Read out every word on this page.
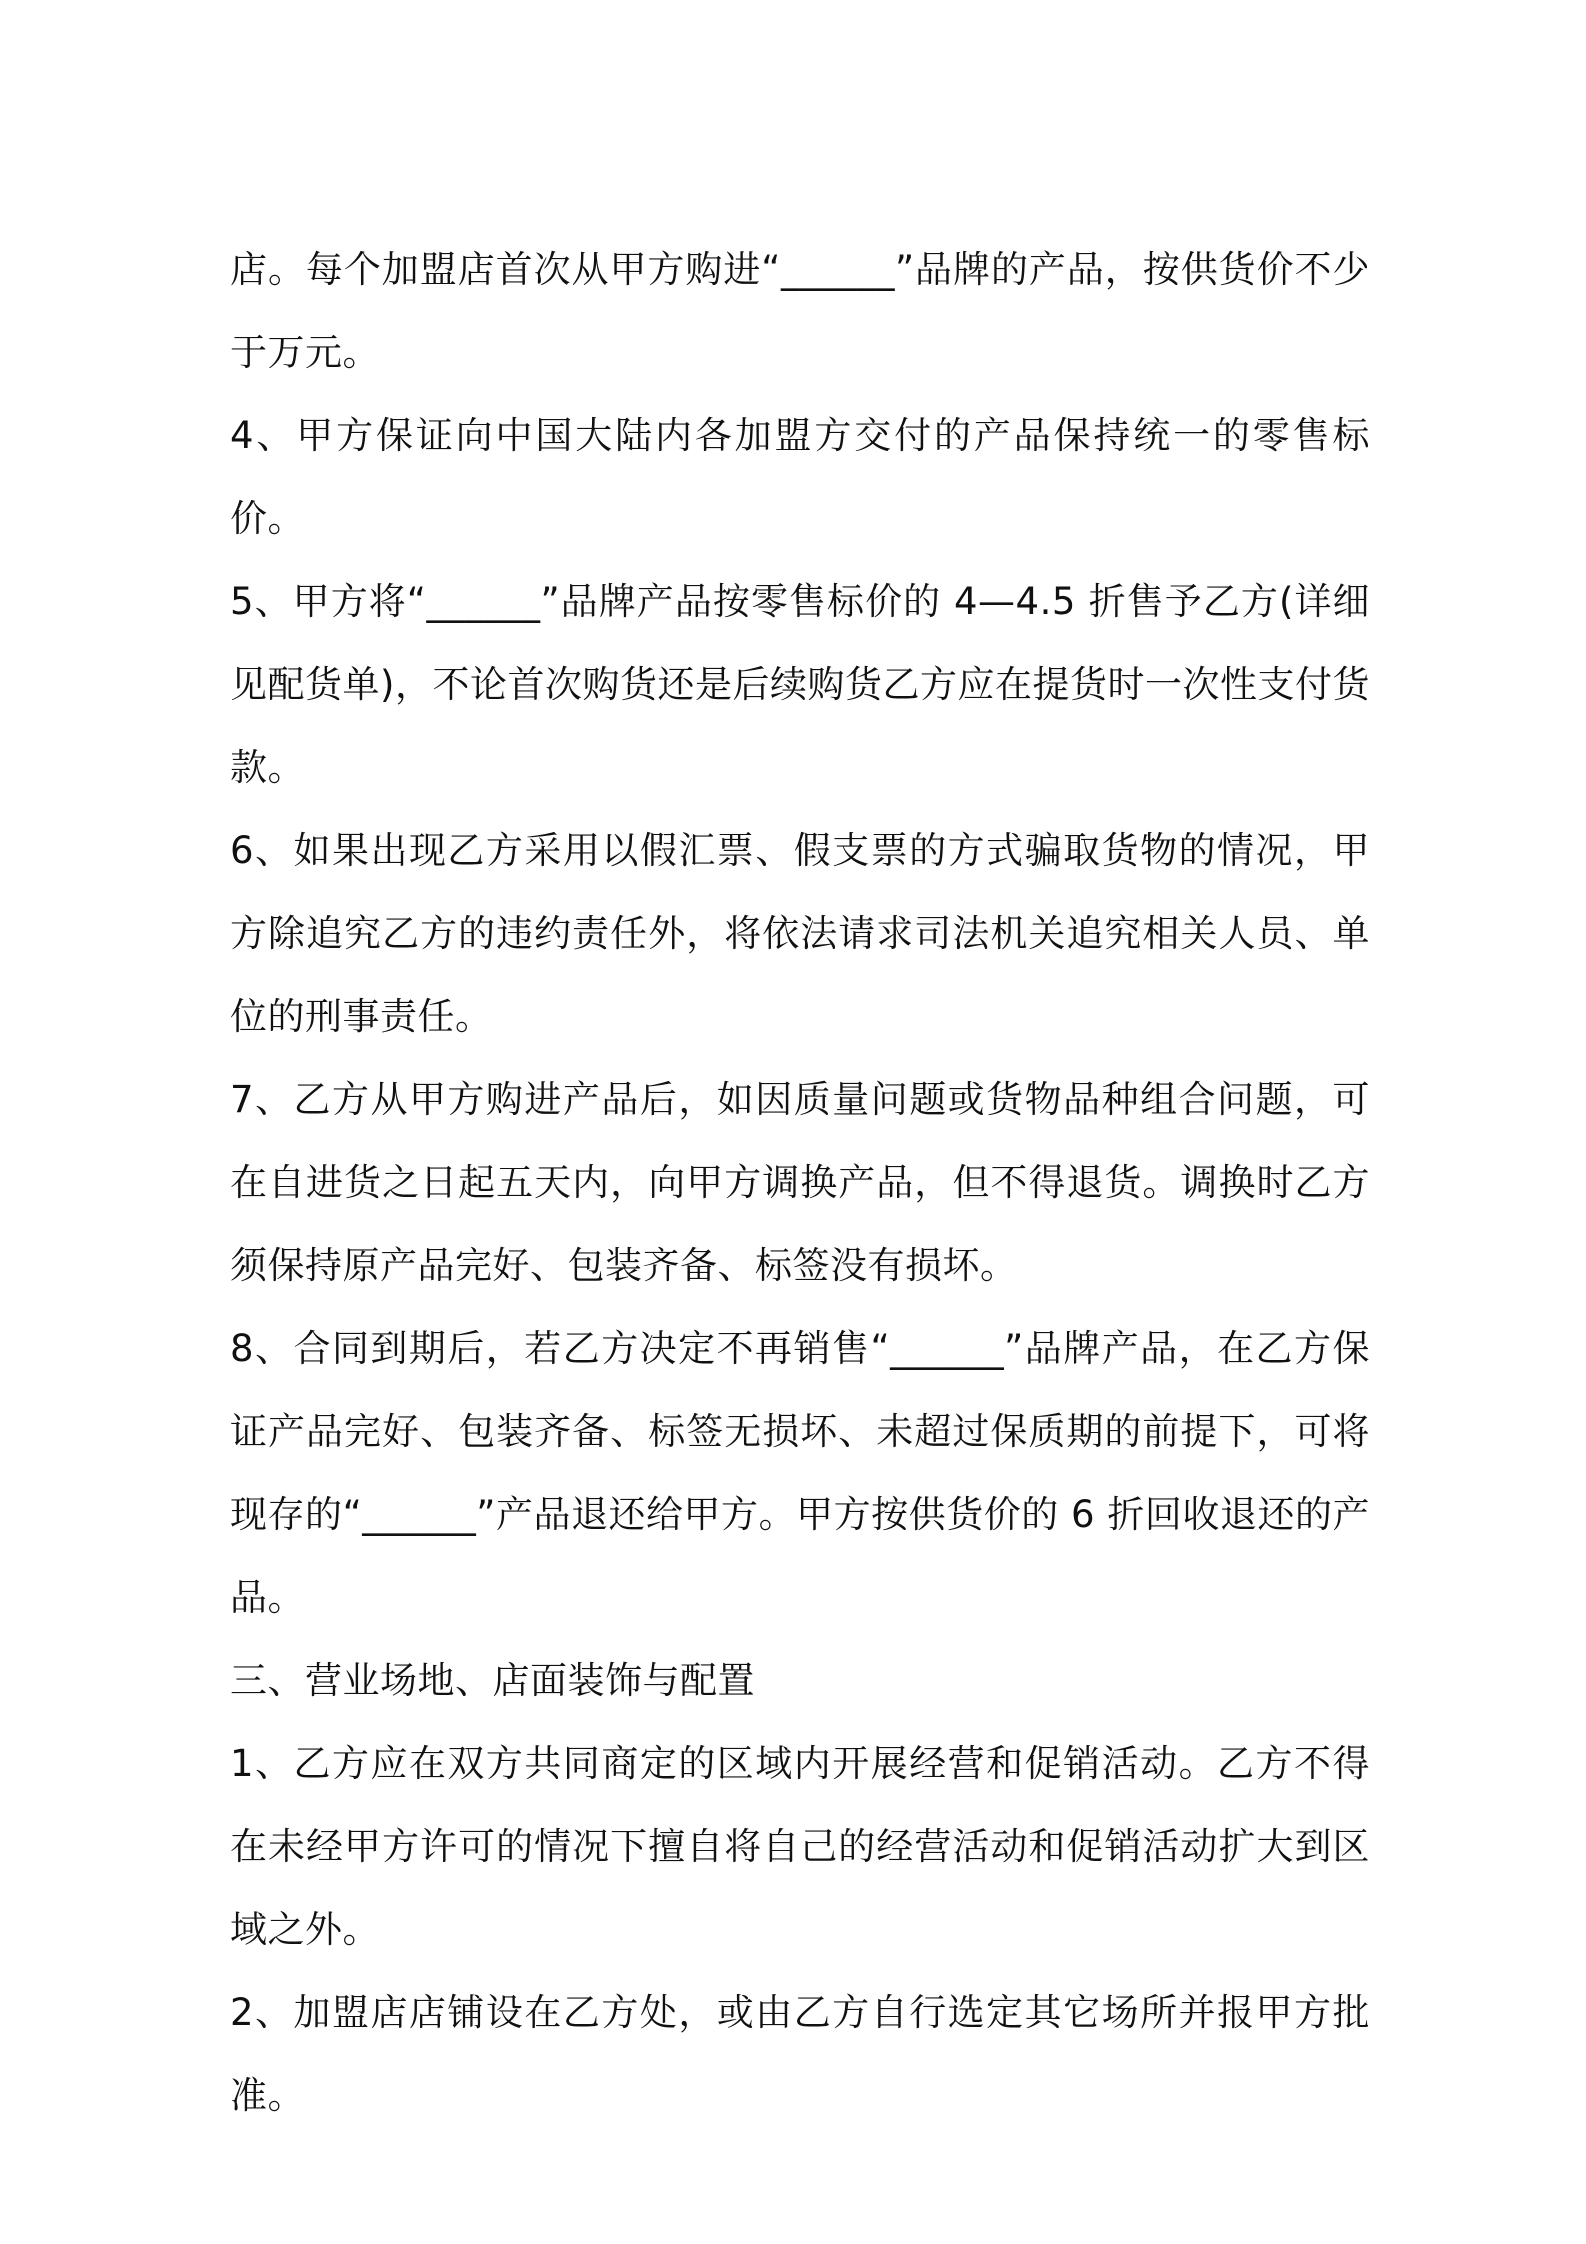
店。每个加盟店首次从甲方购进“______”品牌的产品，按供货价不少于万元。

4、甲方保证向中国大陆内各加盟方交付的产品保持统一的零售标价。

5、甲方将“______”品牌产品按零售标价的 4—4.5 折售予乙方(详细见配货单)，不论首次购货还是后续购货乙方应在提货时一次性支付货款。

6、如果出现乙方采用以假汇票、假支票的方式骗取货物的情况，甲方除追究乙方的违约责任外，将依法请求司法机关追究相关人员、单位的刑事责任。

7、乙方从甲方购进产品后，如因质量问题或货物品种组合问题，可在自进货之日起五天内，向甲方调换产品，但不得退货。调换时乙方须保持原产品完好、包装齐备、标签没有损坏。

8、合同到期后，若乙方决定不再销售“______”品牌产品，在乙方保证产品完好、包装齐备、标签无损坏、未超过保质期的前提下，可将现存的“______”产品退还给甲方。甲方按供货价的 6 折回收退还的产品。

三、营业场地、店面装饰与配置

1、乙方应在双方共同商定的区域内开展经营和促销活动。乙方不得在未经甲方许可的情况下擅自将自己的经营活动和促销活动扩大到区域之外。

2、加盟店店铺设在乙方处，或由乙方自行选定其它场所并报甲方批准。
